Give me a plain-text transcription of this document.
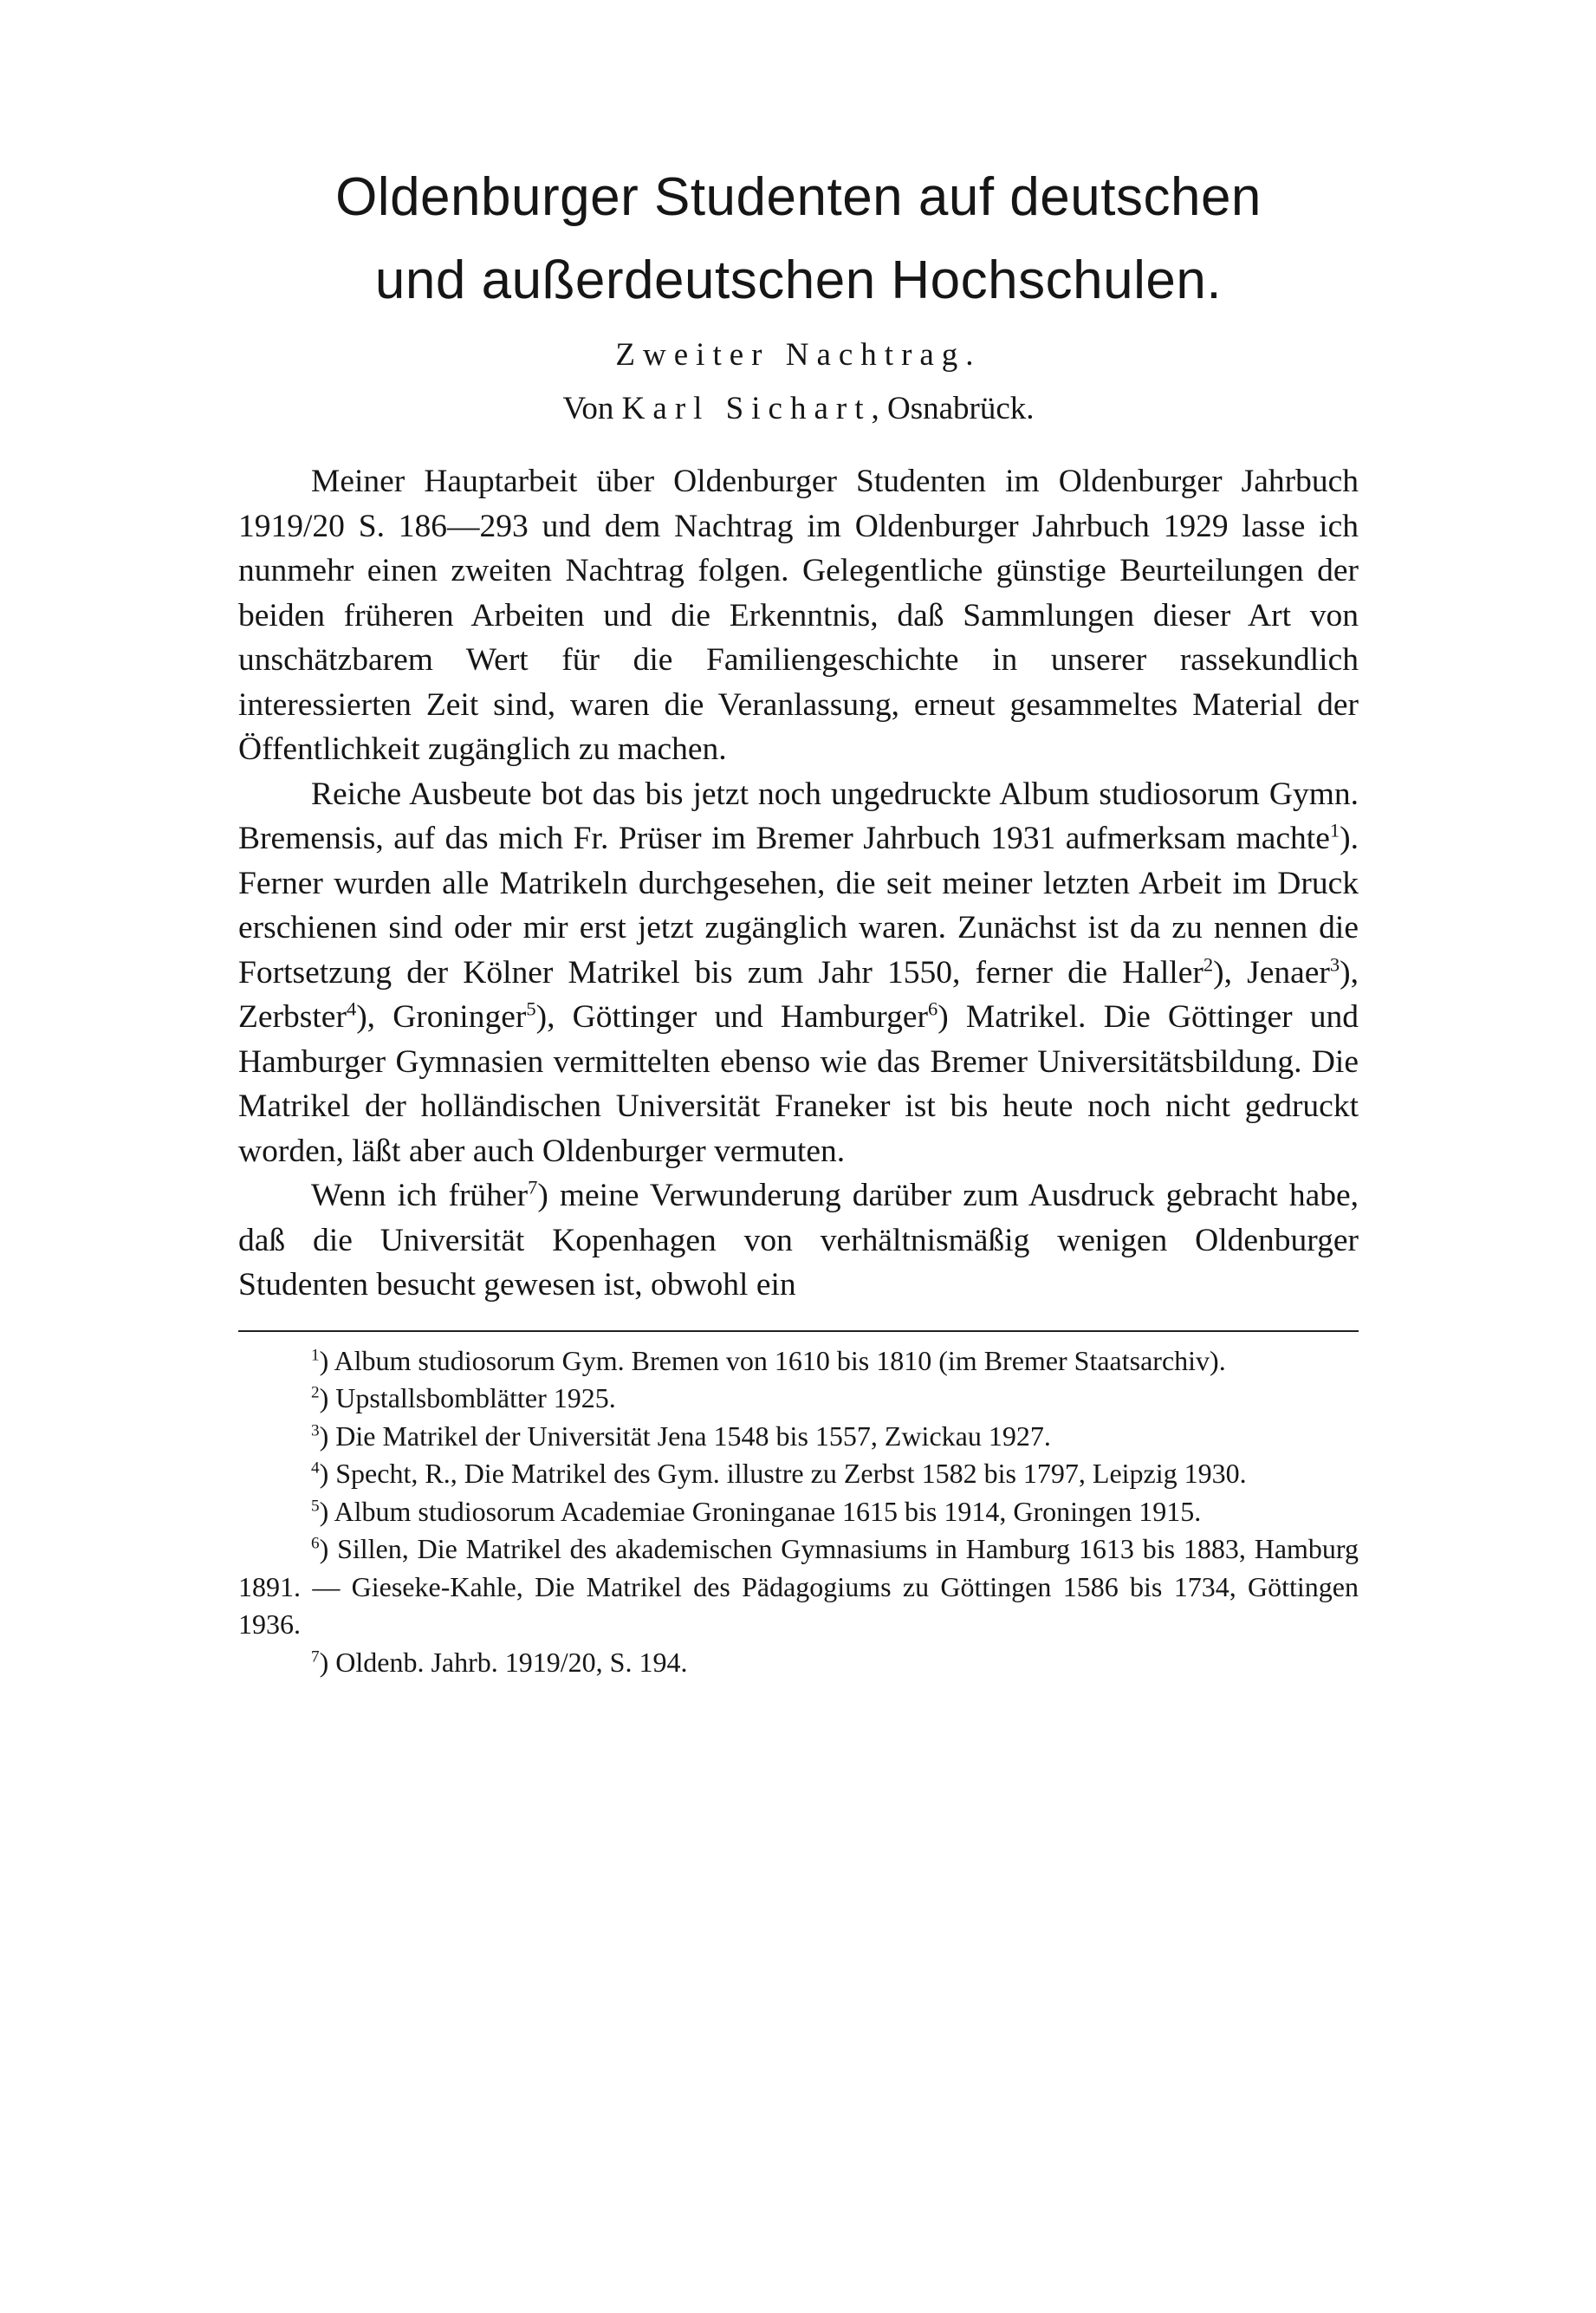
Oldenburger Studenten auf deutschen
und außerdeutschen Hochschulen.
Zweiter Nachtrag.
Von Karl Sichart, Osnabrück.

Meiner Hauptarbeit über Oldenburger Studenten im Oldenburger Jahrbuch 1919/20 S. 186—293 und dem Nachtrag im Oldenburger Jahrbuch 1929 lasse ich nunmehr einen zweiten Nachtrag folgen. Gelegentliche günstige Beurteilungen der beiden früheren Arbeiten und die Erkenntnis, daß Sammlungen dieser Art von unschätzbarem Wert für die Familiengeschichte in unserer rassekundlich interessierten Zeit sind, waren die Veranlassung, erneut gesammeltes Material der Öffentlichkeit zugänglich zu machen.

Reiche Ausbeute bot das bis jetzt noch ungedruckte Album studiosorum Gymn. Bremensis, auf das mich Fr. Prüser im Bremer Jahrbuch 1931 aufmerksam machte$^1$). Ferner wurden alle Matrikeln durchgesehen, die seit meiner letzten Arbeit im Druck erschienen sind oder mir erst jetzt zugänglich waren. Zunächst ist da zu nennen die Fortsetzung der Kölner Matrikel bis zum Jahr 1550, ferner die Haller$^2$), Jenaer$^3$), Zerbster$^4$), Groninger$^5$), Göttinger und Hamburger$^6$) Matrikel. Die Göttinger und Hamburger Gymnasien vermittelten ebenso wie das Bremer Universitätsbildung. Die Matrikel der holländischen Universität Franeker ist bis heute noch nicht gedruckt worden, läßt aber auch Oldenburger vermuten.

Wenn ich früher$^7$) meine Verwunderung darüber zum Ausdruck gebracht habe, daß die Universität Kopenhagen von verhältnismäßig wenigen Oldenburger Studenten besucht gewesen ist, obwohl ein

$^1$) Album studiosorum Gym. Bremen von 1610 bis 1810 (im Bremer Staatsarchiv).

$^2$) Upstallsbomblätter 1925.

$^3$) Die Matrikel der Universität Jena 1548 bis 1557, Zwickau 1927.

$^4$) Specht, R., Die Matrikel des Gym. illustre zu Zerbst 1582 bis 1797, Leipzig 1930.

$^5$) Album studiosorum Academiae Groninganae 1615 bis 1914, Groningen 1915.

$^6$) Sillen, Die Matrikel des akademischen Gymnasiums in Hamburg 1613 bis 1883, Hamburg 1891. — Gieseke-Kahle, Die Matrikel des Pädagogiums zu Göttingen 1586 bis 1734, Göttingen 1936.

$^7$) Oldenb. Jahrb. 1919/20, S. 194.
